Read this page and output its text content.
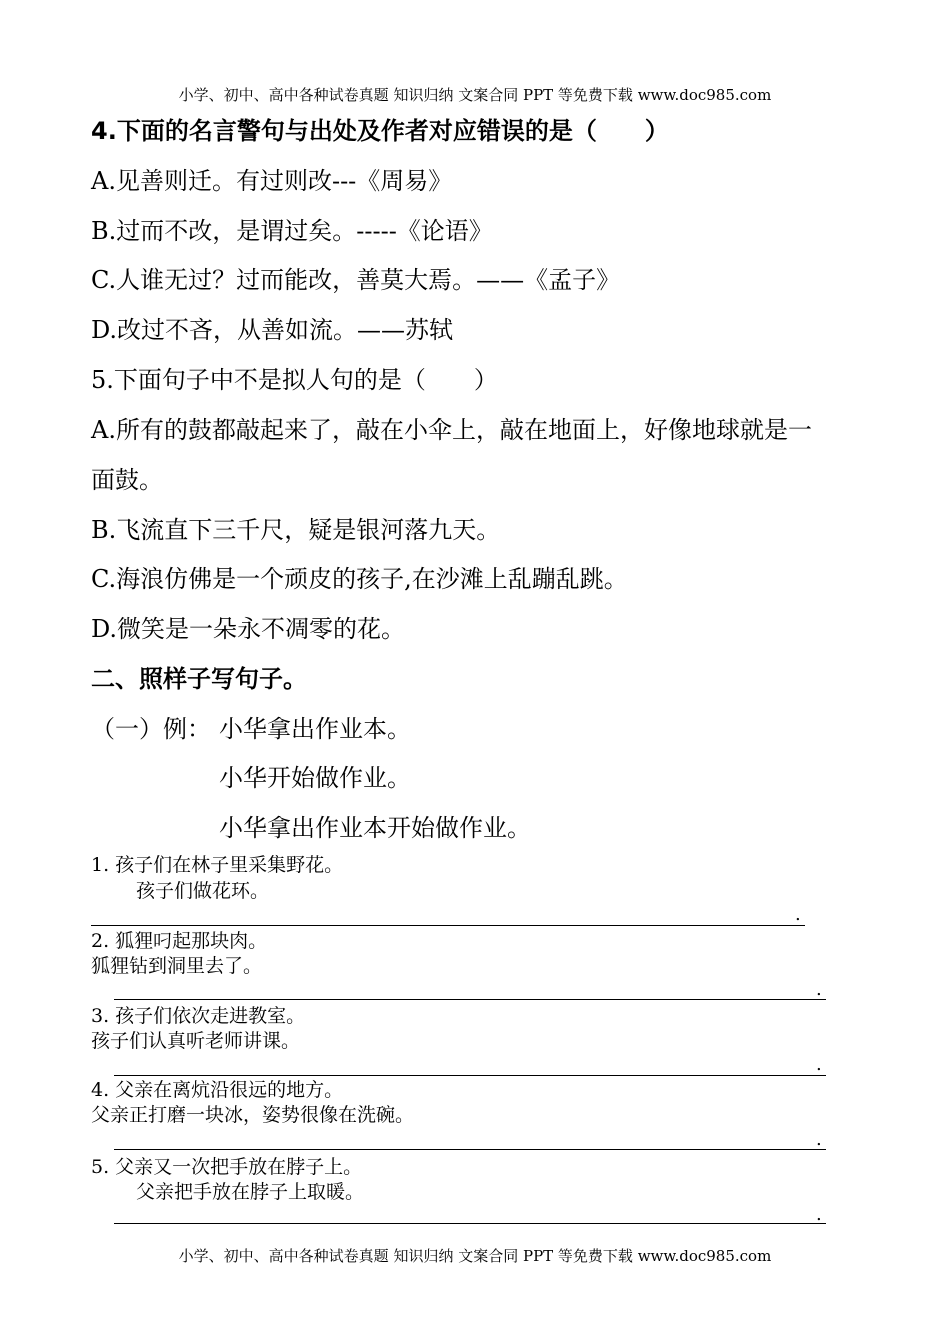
小学、初中、高中各种试卷真题 知识归纳 文案合同 PPT 等免费下载 www.doc985.com
4.下面的名言警句与出处及作者对应错误的是（　　）
A.见善则迁。有过则改---《周易》
B.过而不改，是谓过矣。-----《论语》
C.人谁无过？过而能改，善莫大焉。——《孟子》
D.改过不吝，从善如流。——苏轼
5.下面句子中不是拟人句的是（　　）
A.所有的鼓都敲起来了，敲在小伞上，敲在地面上，好像地球就是一
面鼓。
B.飞流直下三千尺，疑是银河落九天。
C.海浪仿佛是一个顽皮的孩子,在沙滩上乱蹦乱跳。
D.微笑是一朵永不凋零的花。
二、照样子写句子。
（一）例： 小华拿出作业本。
小华开始做作业。
小华拿出作业本开始做作业。
1. 孩子们在林子里采集野花。
孩子们做花环。
.
2. 狐狸叼起那块肉。
狐狸钻到洞里去了。
.
3. 孩子们依次走进教室。
孩子们认真听老师讲课。
.
4. 父亲在离炕沿很远的地方。
父亲正打磨一块冰，姿势很像在洗碗。
.
5. 父亲又一次把手放在脖子上。
父亲把手放在脖子上取暖。
.
小学、初中、高中各种试卷真题 知识归纳 文案合同 PPT 等免费下载 www.doc985.com
